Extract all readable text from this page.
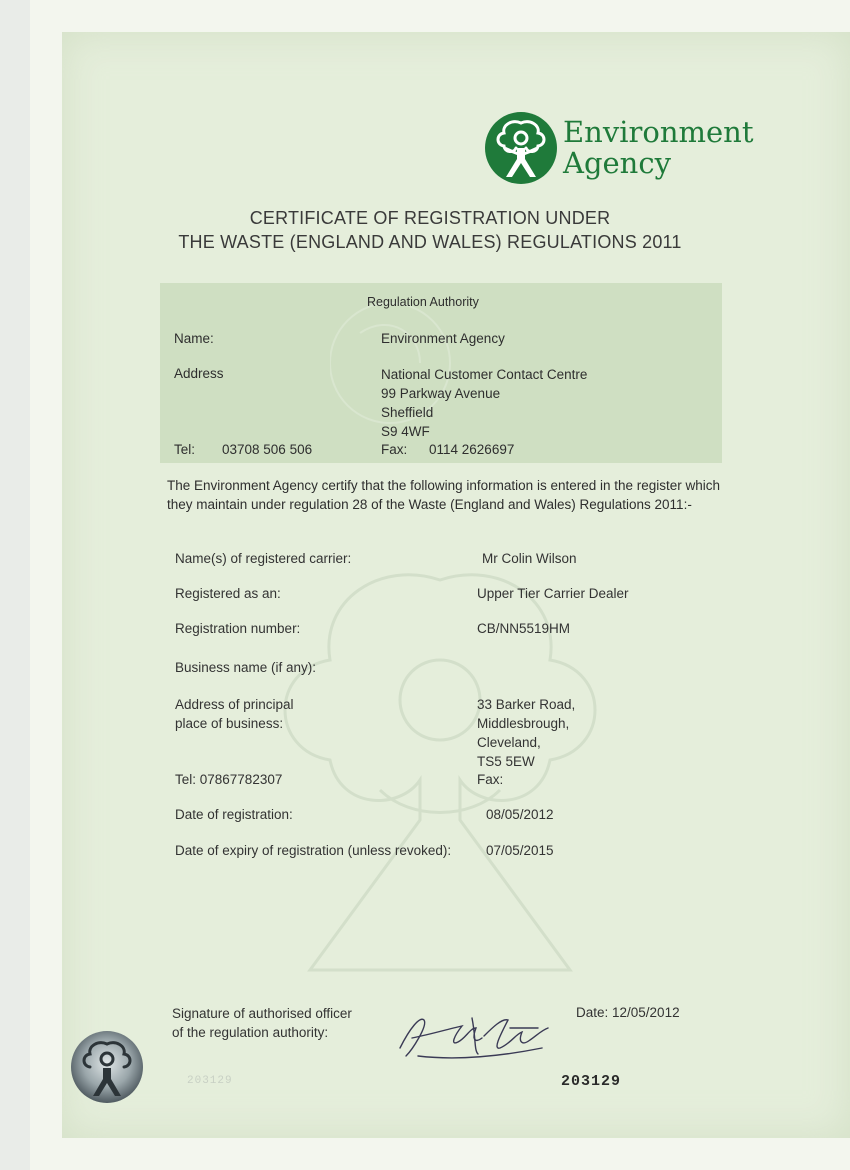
Environment
Agency
CERTIFICATE OF REGISTRATION UNDER
THE WASTE (ENGLAND AND WALES) REGULATIONS 2011
Regulation Authority
Name:	Environment Agency
Address	National Customer Contact Centre
99 Parkway Avenue
Sheffield
S9 4WF
Tel: 03708 506 506	Fax: 0114 2626697
The Environment Agency certify that the following information is entered in the register which they maintain under regulation 28 of the Waste (England and Wales) Regulations 2011:-
Name(s) of registered carrier:	Mr Colin Wilson
Registered as an:	Upper Tier Carrier Dealer
Registration number:	CB/NN5519HM
Business name (if any):
Address of principal
place of business:
33 Barker Road,
Middlesbrough,
Cleveland,
TS5 5EW
Tel: 07867782307	Fax:
Date of registration:	08/05/2012
Date of expiry of registration (unless revoked):	07/05/2015
Signature of authorised officer
of the regulation authority:
Date: 12/05/2012
203129	203129
